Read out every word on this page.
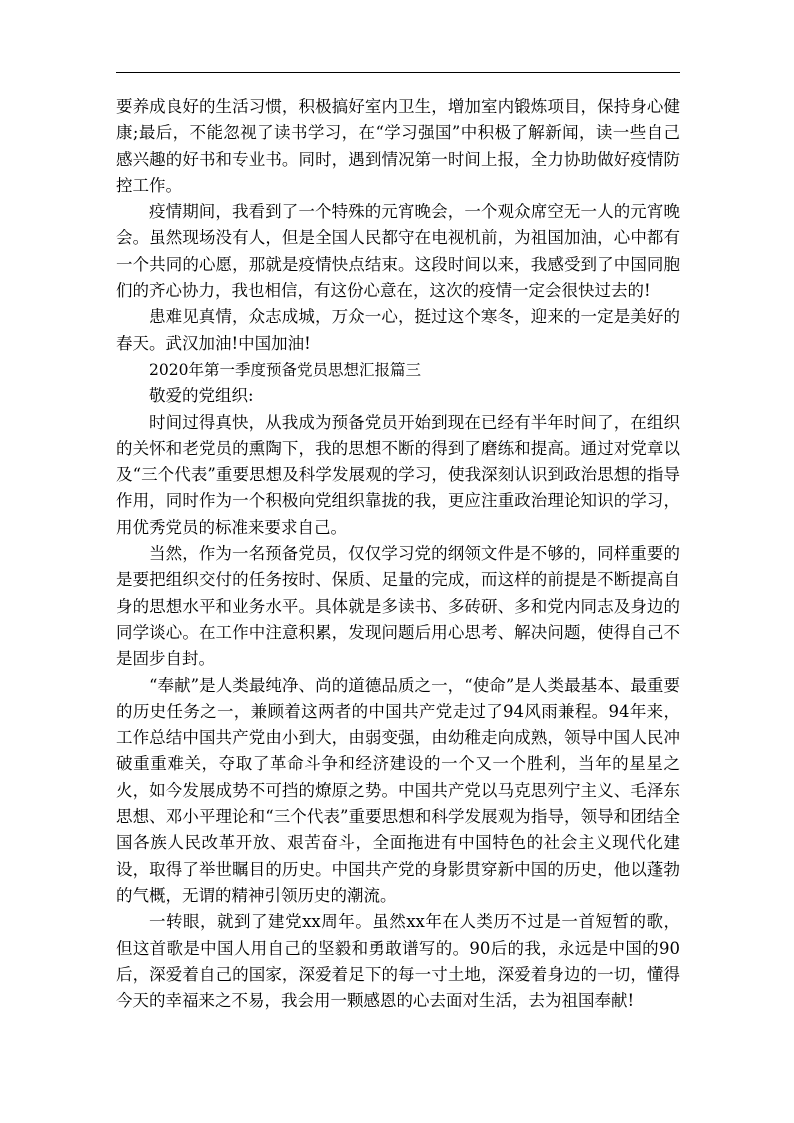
要养成良好的生活习惯，积极搞好室内卫生，增加室内锻炼项目，保持身心健康;最后，不能忽视了读书学习，在“学习强国”中积极了解新闻，读一些自己感兴趣的好书和专业书。同时，遇到情况第一时间上报，全力协助做好疫情防控工作。

疫情期间，我看到了一个特殊的元宵晚会，一个观众席空无一人的元宵晚会。虽然现场没有人，但是全国人民都守在电视机前，为祖国加油，心中都有一个共同的心愿，那就是疫情快点结束。这段时间以来，我感受到了中国同胞们的齐心协力，我也相信，有这份心意在，这次的疫情一定会很快过去的!

患难见真情，众志成城，万众一心，挺过这个寒冬，迎来的一定是美好的春天。武汉加油!中国加油!

2020年第一季度预备党员思想汇报篇三

敬爱的党组织:

时间过得真快，从我成为预备党员开始到现在已经有半年时间了，在组织的关怀和老党员的熏陶下，我的思想不断的得到了磨练和提高。通过对党章以及“三个代表”重要思想及科学发展观的学习，使我深刻认识到政治思想的指导作用，同时作为一个积极向党组织靠拢的我，更应注重政治理论知识的学习，用优秀党员的标准来要求自己。

当然，作为一名预备党员，仅仅学习党的纲领文件是不够的，同样重要的是要把组织交付的任务按时、保质、足量的完成，而这样的前提是不断提高自身的思想水平和业务水平。具体就是多读书、多砖研、多和党内同志及身边的同学谈心。在工作中注意积累，发现问题后用心思考、解决问题，使得自己不是固步自封。

“奉献”是人类最纯净、尚的道德品质之一，“使命”是人类最基本、最重要的历史任务之一，兼顾着这两者的中国共产党走过了94风雨兼程。94年来，工作总结中国共产党由小到大，由弱变强，由幼稚走向成熟，领导中国人民冲破重重难关，夺取了革命斗争和经济建设的一个又一个胜利，当年的星星之火，如今发展成势不可挡的燎原之势。中国共产党以马克思列宁主义、毛泽东思想、邓小平理论和“三个代表”重要思想和科学发展观为指导，领导和团结全国各族人民改革开放、艰苦奋斗，全面拖进有中国特色的社会主义现代化建设，取得了举世瞩目的历史。中国共产党的身影贯穿新中国的历史，他以蓬勃的气概，无谓的精神引领历史的潮流。

一转眼，就到了建党xx周年。虽然xx年在人类历不过是一首短暂的歌，但这首歌是中国人用自己的坚毅和勇敢谱写的。90后的我，永远是中国的90后，深爱着自己的国家，深爱着足下的每一寸土地，深爱着身边的一切，懂得今天的幸福来之不易，我会用一颗感恩的心去面对生活，去为祖国奉献!
